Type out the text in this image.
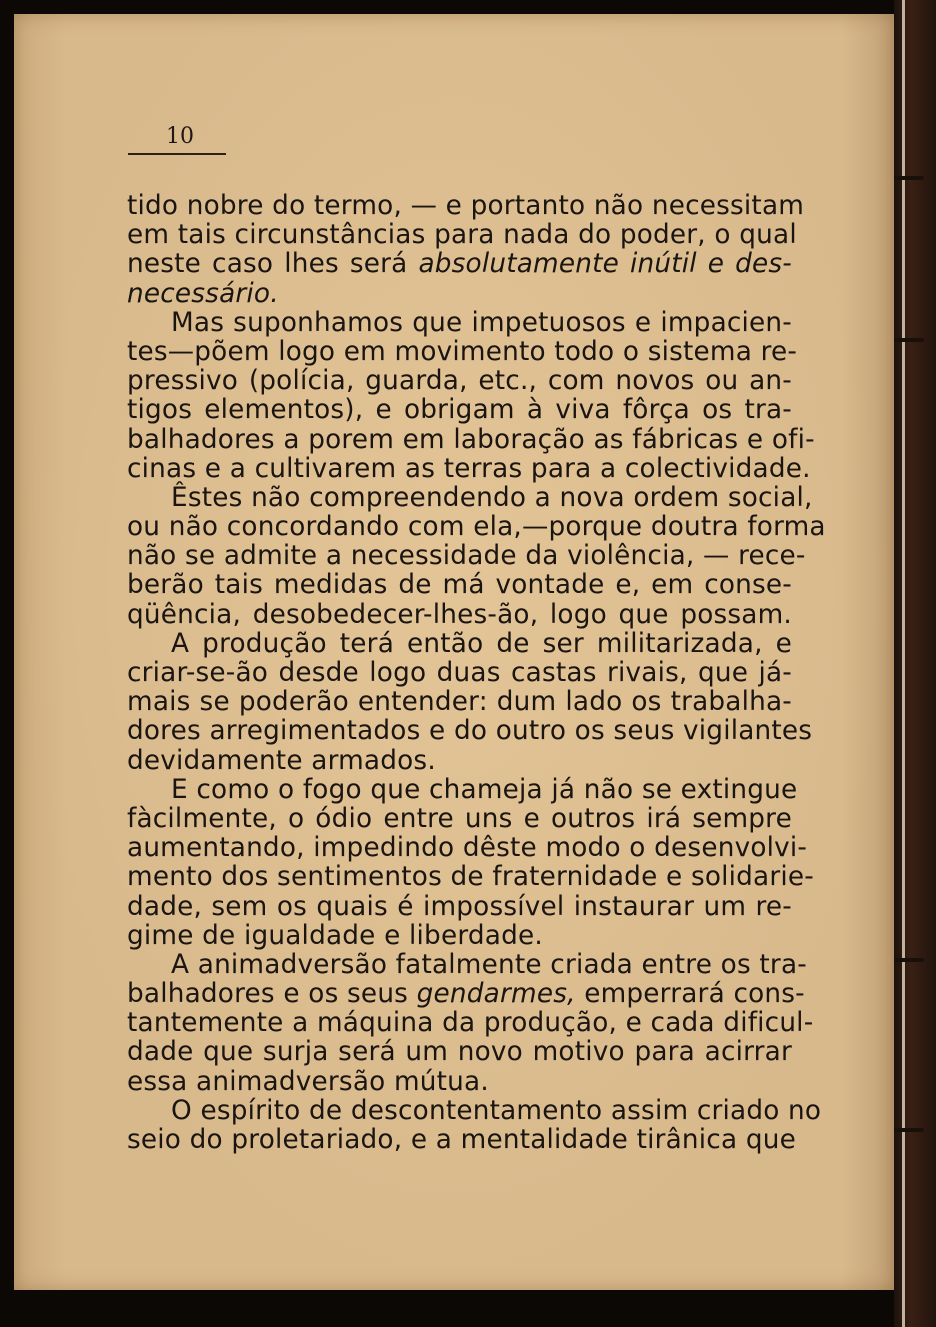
10
tido nobre do termo, — e portanto não necessitam
em tais circunstâncias para nada do poder, o qual
neste caso lhes será absolutamente inútil e des-
necessário.
Mas suponhamos que impetuosos e impacien-
tes—põem logo em movimento todo o sistema re-
pressivo (polícia, guarda, etc., com novos ou an-
tigos elementos), e obrigam à viva fôrça os tra-
balhadores a porem em laboração as fábricas e ofi-
cinas e a cultivarem as terras para a colectividade.
Êstes não compreendendo a nova ordem social,
ou não concordando com ela,—porque doutra forma
não se admite a necessidade da violência, — rece-
berão tais medidas de má vontade e, em conse-
qüência, desobedecer-lhes-ão, logo que possam.
A produção terá então de ser militarizada, e
criar-se-ão desde logo duas castas rivais, que já-
mais se poderão entender: dum lado os trabalha-
dores arregimentados e do outro os seus vigilantes
devidamente armados.
E como o fogo que chameja já não se extingue
fàcilmente, o ódio entre uns e outros irá sempre
aumentando, impedindo dêste modo o desenvolvi-
mento dos sentimentos de fraternidade e solidarie-
dade, sem os quais é impossível instaurar um re-
gime de igualdade e liberdade.
A animadversão fatalmente criada entre os tra-
balhadores e os seus gendarmes, emperrará cons-
tantemente a máquina da produção, e cada dificul-
dade que surja será um novo motivo para acirrar
essa animadversão mútua.
O espírito de descontentamento assim criado no
seio do proletariado, e a mentalidade tirânica que
